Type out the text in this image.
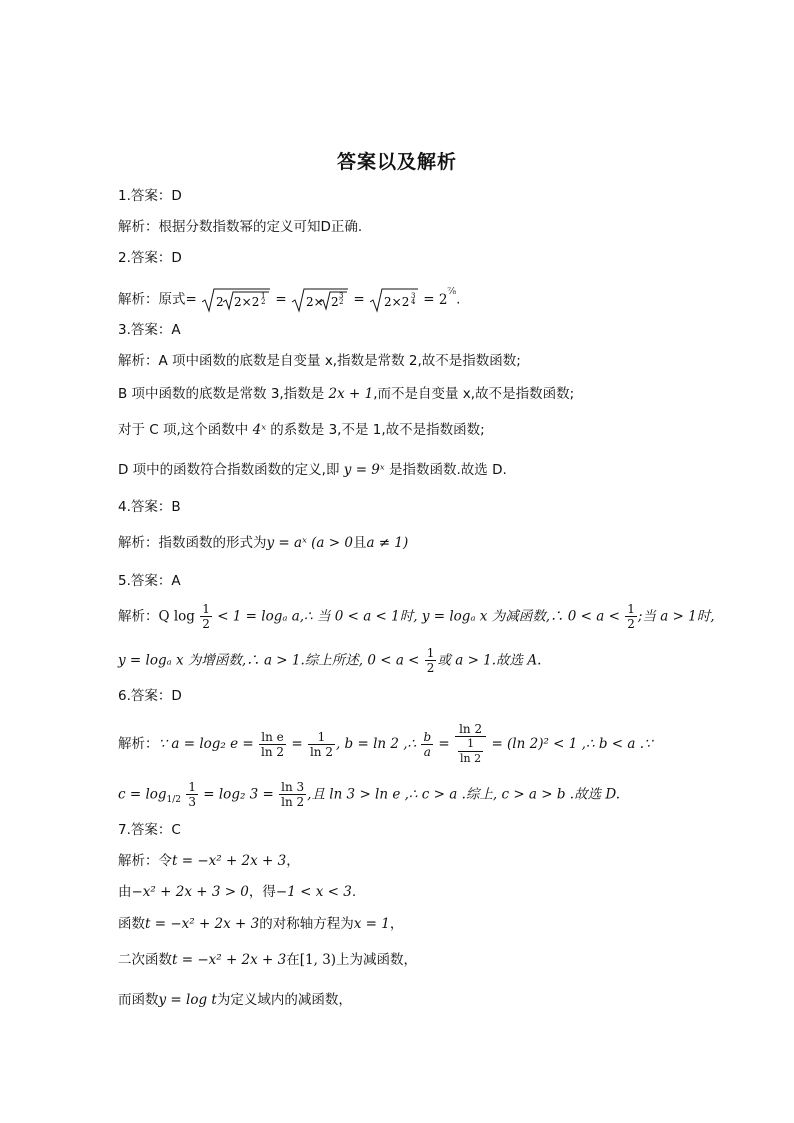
答案以及解析
1.答案：D
解析：根据分数指数幂的定义可知D正确.
2.答案：D
解析：原式= 2 2×2 1
2 = 2× 2 3
2 = 2×2 3
$4 = 2^{^7⁄_8}$.
3.答案：A
解析：A 项中函数的底数是自变量 x,指数是常数 2,故不是指数函数;
B 项中函数的底数是常数 3,指数是 2x + 1,而不是自变量 x,故不是指数函数;
对于 C 项,这个函数中 4ˣ 的系数是 3,不是 1,故不是指数函数;
D 项中的函数符合指数函数的定义,即 y = 9ˣ 是指数函数.故选 D.
4.答案：B
解析：指数函数的形式为y = aˣ (a > 0且a ≠ 1)
5.答案：A
解析：Q $\log \frac{1}{2} < 1 = \log_a$ a,∴ 当 0 < a < 1时, y = logₐ x 为减函数,∴ $0 < a < \frac{1}{2}$ ;当 a > 1时,
y = logₐ x 为增函数,∴ a > 1.综上所述, $0 < a < \frac{1}{2}$ 或 a > 1.故选 A.
6.答案：D
解析：∵ a = log₂ $e = \frac{\text{ln e}}{\ln 2} = \frac{1}{\ln 2}$ , b = ln 2 ,∴ $\frac{b}{a} = \frac{\ln 2}{\frac{1}{\ln 2}} = (\ln$ 2)² < 1 ,∴ b < a .∵
$c = \log_{1/2} \frac{1}{3} = \log_2$ $3 = \frac{\ln 3}{\ln 2}$ ,且 ln 3 > ln e ,∴ c > a .综上, c > a > b .故选 D.
7.答案：C
解析：令t = −x² + 2x + 3，
由−x² + 2x + 3 > 0，得−1 < x < 3.
函数t = −x² + 2x + 3的对称轴方程为x = 1，
二次函数t = −x² + 2x + 3在[1, 3)上为减函数，
而函数y = log t为定义域内的减函数，
